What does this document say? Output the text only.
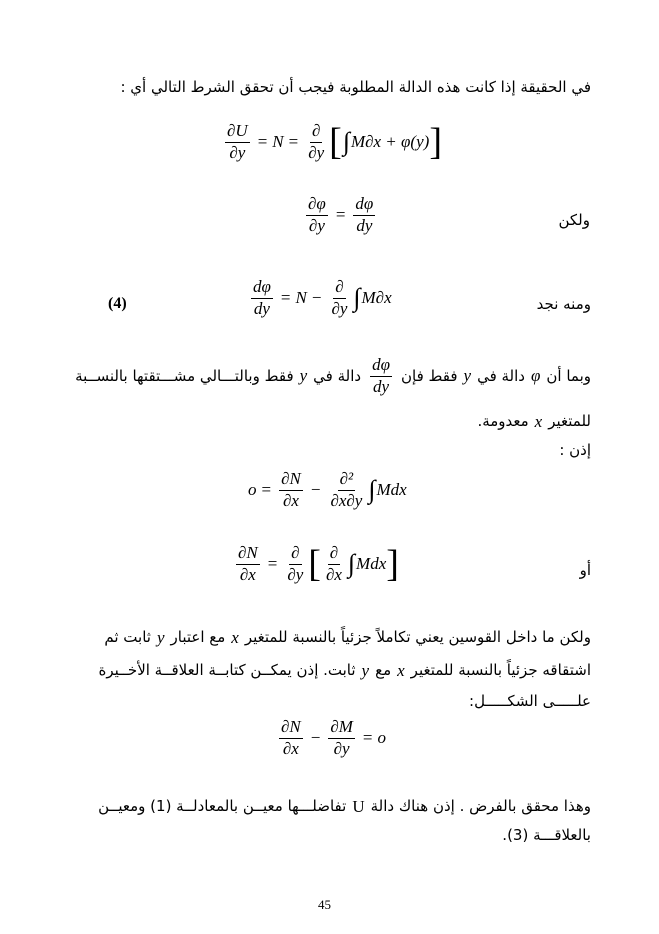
في الحقيقة إذا كانت هذه الدالة المطلوبة فيجب أن تحقق الشرط التالي أي :
$\frac{\partial U}{\partial y} = N = \frac{\partial}{\partial y}$ [ ∫ M∂x + φ(y) ]
ولكن
$\frac{\partial\varphi}{\partial y} = \frac{d\varphi}{dy}$
ومنه نجد
(4)	$\frac{d\varphi}{dy} = N - \frac{\partial}{\partial y}$ ∫ M∂x
وبما أن
φ
دالة في
y
فقط فإن
$\frac{d\varphi}{dy}$
دالة في
y
فقط وبالتـــالي مشـــتقتها بالنســبة
للمتغير
x
معدومة.
إذن :
$o = \frac{\partial N}{\partial x} - \frac{\text{∂²}}{\partial x\partial y}$ ∫ Mdx
أو
$\frac{\partial N}{\partial x} = \frac{\partial}{\partial y}$ [ $\frac{\partial}{\partial x}$ ∫ Mdx ]
ولكن ما داخل القوسين يعني تكاملاً جزئياً بالنسبة للمتغير
x
مع اعتبار
y
ثابت ثم
اشتقاقه جزئياً بالنسبة للمتغير
x
مع
y
ثابت. إذن يمكــن كتابــة العلاقــة الأخــيرة
علـــــى الشكـــــل:
$\frac{\partial N}{\partial x} - \frac{\partial M}{\partial y} = o$
وهذا محقق بالفرض . إذن هناك دالة
U
تفاضلـــها معيــن بالمعادلــة (1) ومعيــن
بالعلاقـــة (3).
45
